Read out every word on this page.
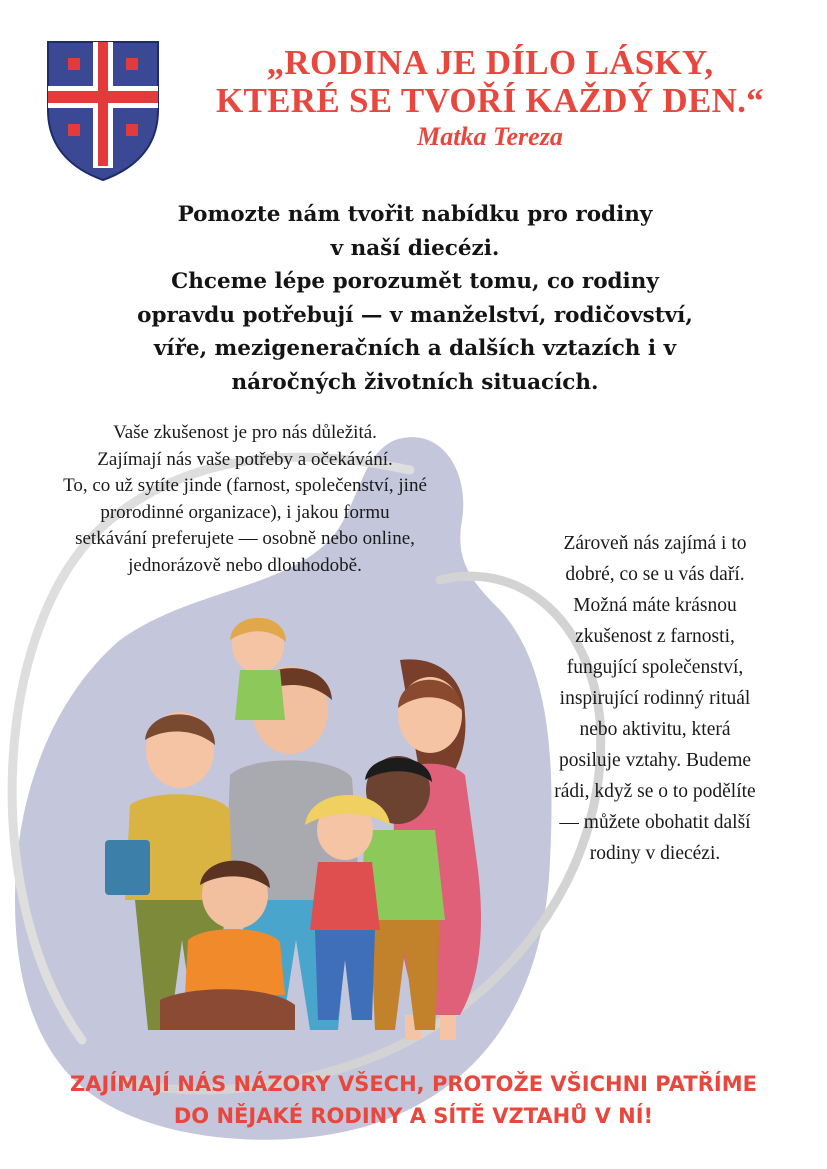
„RODINA JE DÍLO LÁSKY,
KTERÉ SE TVOŘÍ KAŽDÝ DEN.“
Matka Tereza
Pomozte nám tvořit nabídku pro rodiny
v naší diecézi.
Chceme lépe porozumět tomu, co rodiny
opravdu potřebují — v manželství, rodičovství,
víře, mezigeneračních a dalších vztazích i v
náročných životních situacích.
Vaše zkušenost je pro nás důležitá.
Zajímají nás vaše potřeby a očekávání.
To, co už sytíte jinde (farnost, společenství, jiné
prorodinné organizace), i jakou formu
setkávání preferujete — osobně nebo online,
jednorázově nebo dlouhodobě.
Zároveň nás zajímá i to
dobré, co se u vás daří.
Možná máte krásnou
zkušenost z farnosti,
fungující společenství,
inspirující rodinný rituál
nebo aktivitu, která
posiluje vztahy. Budeme
rádi, když se o to podělíte
— můžete obohatit další
rodiny v diecézi.
ZAJÍMAJÍ NÁS NÁZORY VŠECH, PROTOŽE VŠICHNI PATŘÍME
DO NĚJAKÉ RODINY A SÍTĚ VZTAHŮ V NÍ!
